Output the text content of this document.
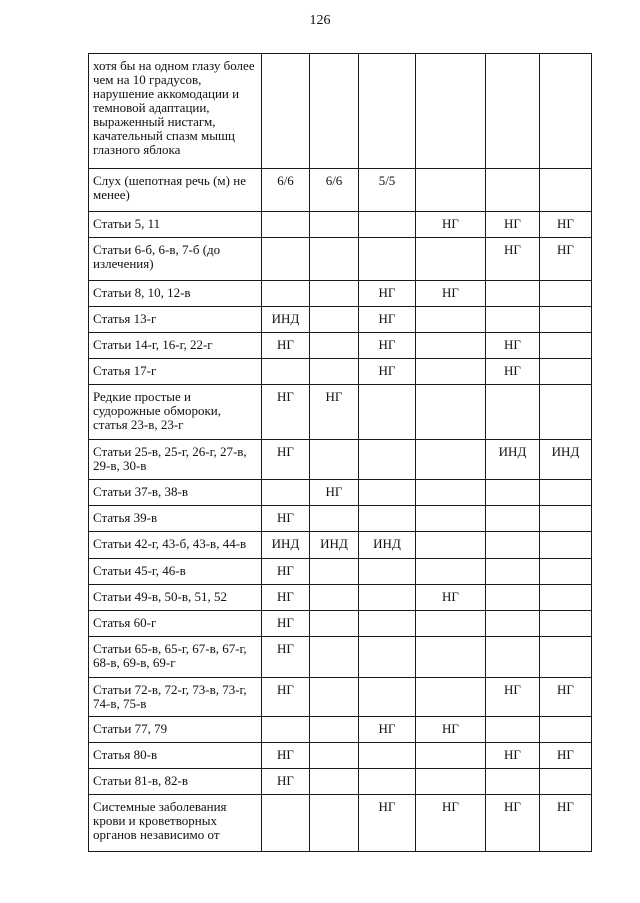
126
хотя бы на одном глазу более чем на 10 градусов, нарушение аккомодации и темновой адаптации, выраженный нистагм, качательный спазм мышц глазного яблока						
Слух (шепотная речь (м) не менее)	6/6	6/6	5/5			
Статьи 5, 11				НГ	НГ	НГ
Статьи 6-б, 6-в, 7-б (до излечения)					НГ	НГ
Статьи 8, 10, 12-в			НГ	НГ		
Статья 13-г	ИНД		НГ			
Статьи 14-г, 16-г, 22-г	НГ		НГ		НГ	
Статья 17-г			НГ		НГ	
Редкие простые и судорожные обмороки, статья 23-в, 23-г	НГ	НГ				
Статьи 25-в, 25-г, 26-г, 27-в, 29-в, 30-в	НГ				ИНД	ИНД
Статьи 37-в, 38-в		НГ				
Статья 39-в	НГ					
Статьи 42-г, 43-б, 43-в, 44-в	ИНД	ИНД	ИНД			
Статьи 45-г, 46-в	НГ					
Статьи 49-в, 50-в, 51, 52	НГ			НГ		
Статья 60-г	НГ					
Статьи 65-в, 65-г, 67-в, 67-г, 68-в, 69-в, 69-г	НГ					
Статьи 72-в, 72-г, 73-в, 73-г, 74-в, 75-в	НГ				НГ	НГ
Статьи 77, 79			НГ	НГ		
Статья 80-в	НГ				НГ	НГ
Статьи 81-в, 82-в	НГ					
Системные заболевания крови и кроветворных органов независимо от			НГ	НГ	НГ	НГ
